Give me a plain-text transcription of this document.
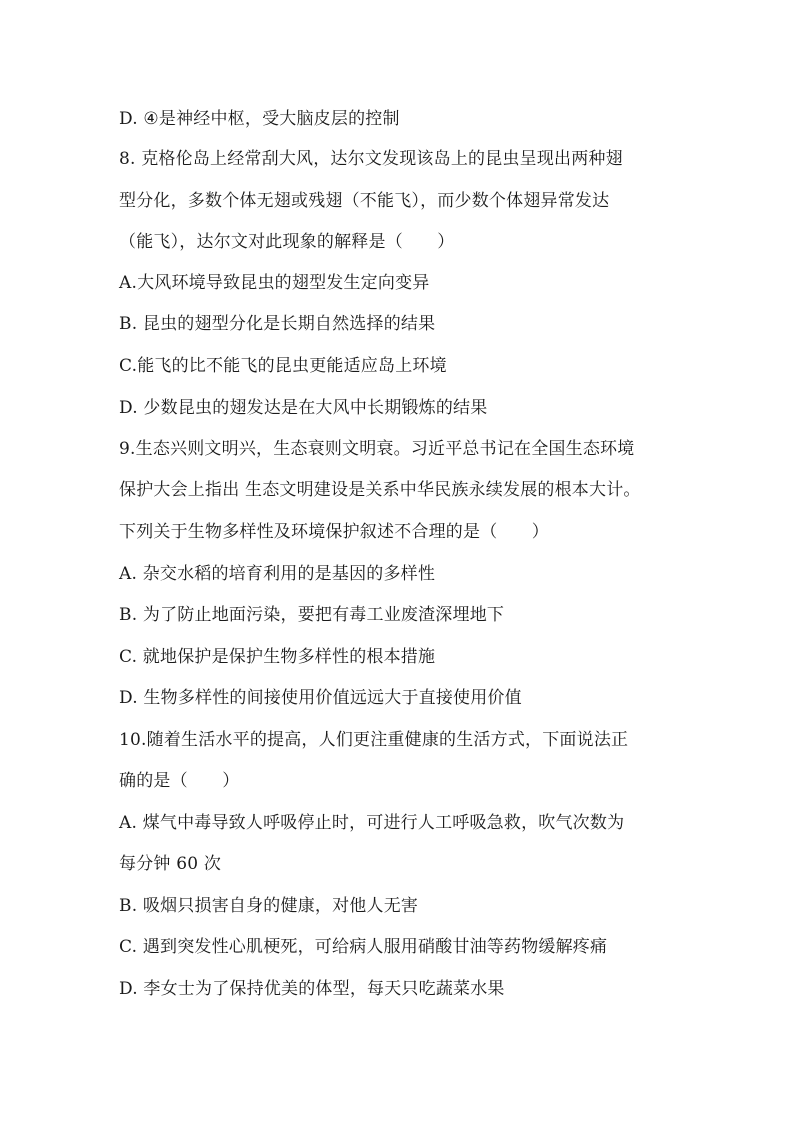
D. ④是神经中枢，受大脑皮层的控制
8. 克格伦岛上经常刮大风，达尔文发现该岛上的昆虫呈现出两种翅
型分化，多数个体无翅或残翅（不能飞），而少数个体翅异常发达
（能飞），达尔文对此现象的解释是（　　）
A.大风环境导致昆虫的翅型发生定向变异
B. 昆虫的翅型分化是长期自然选择的结果
C.能飞的比不能飞的昆虫更能适应岛上环境
D. 少数昆虫的翅发达是在大风中长期锻炼的结果
9.生态兴则文明兴，生态衰则文明衰。习近平总书记在全国生态环境
保护大会上指出 生态文明建设是关系中华民族永续发展的根本大计。
下列关于生物多样性及环境保护叙述不合理的是（　　）
A. 杂交水稻的培育利用的是基因的多样性
B. 为了防止地面污染，要把有毒工业废渣深埋地下
C. 就地保护是保护生物多样性的根本措施
D. 生物多样性的间接使用价值远远大于直接使用价值
10.随着生活水平的提高，人们更注重健康的生活方式，下面说法正
确的是（　　）
A. 煤气中毒导致人呼吸停止时，可进行人工呼吸急救，吹气次数为
每分钟 60 次
B. 吸烟只损害自身的健康，对他人无害
C. 遇到突发性心肌梗死，可给病人服用硝酸甘油等药物缓解疼痛
D. 李女士为了保持优美的体型，每天只吃蔬菜水果
